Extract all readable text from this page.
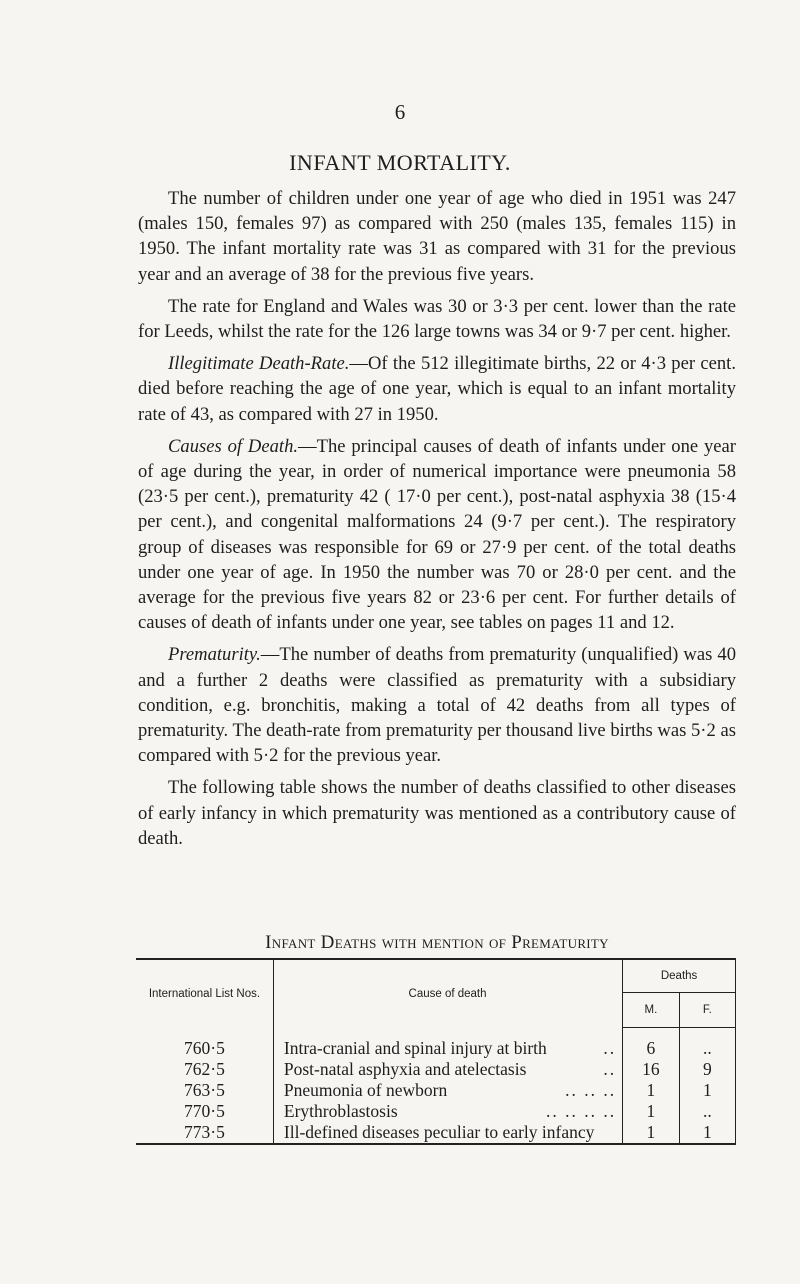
6
INFANT MORTALITY.

The number of children under one year of age who died in 1951 was 247 (males 150, females 97) as compared with 250 (males 135, females 115) in 1950. The infant mortality rate was 31 as compared with 31 for the previous year and an average of 38 for the previous five years.

The rate for England and Wales was 30 or 3·3 per cent. lower than the rate for Leeds, whilst the rate for the 126 large towns was 34 or 9·7 per cent. higher.

Illegitimate Death-Rate.—Of the 512 illegitimate births, 22 or 4·3 per cent. died before reaching the age of one year, which is equal to an infant mortality rate of 43, as compared with 27 in 1950.

Causes of Death.—The principal causes of death of infants under one year of age during the year, in order of numerical importance were pneumonia 58 (23·5 per cent.), prematurity 42 ( 17·0 per cent.), post-natal asphyxia 38 (15·4 per cent.), and congenital malformations 24 (9·7 per cent.). The respiratory group of diseases was responsible for 69 or 27·9 per cent. of the total deaths under one year of age. In 1950 the number was 70 or 28·0 per cent. and the average for the previous five years 82 or 23·6 per cent. For further details of causes of death of infants under one year, see tables on pages 11 and 12.

Prematurity.—The number of deaths from prematurity (unqualified) was 40 and a further 2 deaths were classified as prematurity with a subsidiary condition, e.g. bronchitis, making a total of 42 deaths from all types of prematurity. The death-rate from prematurity per thousand live births was 5·2 as compared with 5·2 for the previous year.

The following table shows the number of deaths classified to other diseases of early infancy in which prematurity was mentioned as a contributory cause of death.

Infant Deaths with mention of Prematurity
International List Nos.	Cause of death	Deaths	
		M.	F.
760·5	Intra-cranial and spinal injury at birth ..	6	..
762·5	Post-natal asphyxia and atelectasis ..	16	9
763·5	Pneumonia of newborn .. .. ..	1	1
770·5	Erythroblastosis .. .. .. ..	1	..
773·5	Ill-defined diseases peculiar to early infancy	1	1
